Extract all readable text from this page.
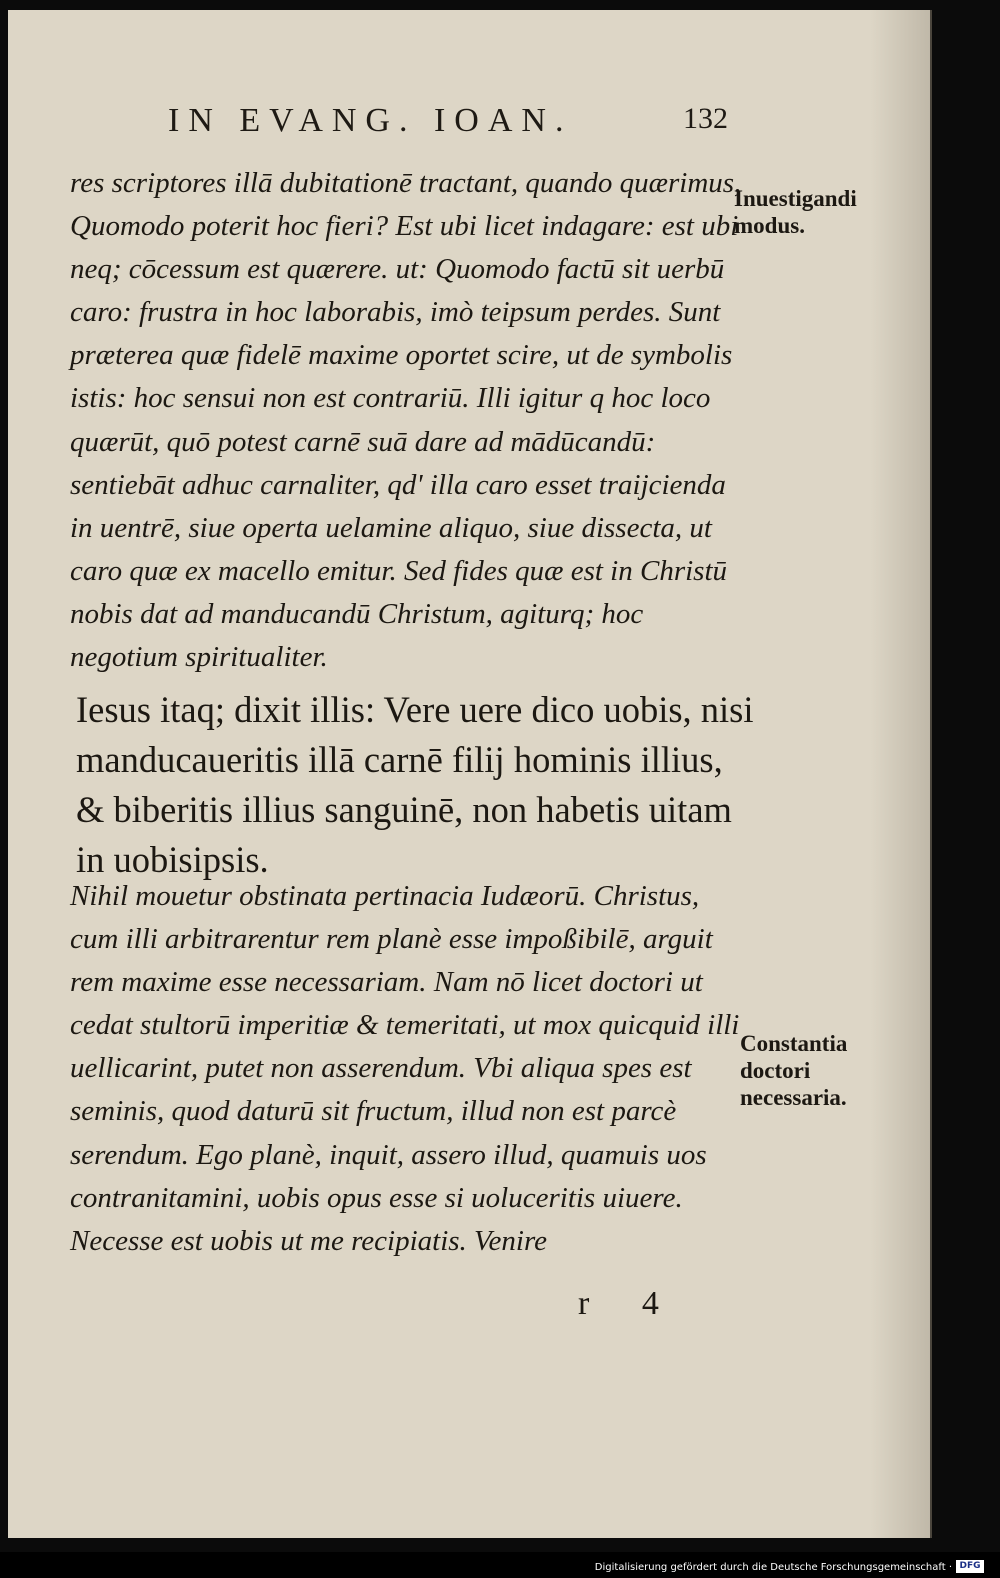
IN EVANG. IOAN.	132

res scriptores illā dubitationē tractant, quando quærimus, Quomodo poterit hoc fieri? Est ubi licet indagare: est ubi neq; cōcessum est quærere. ut: Quomodo factū sit uerbū caro: frustra in hoc laborabis, imò teipsum perdes. Sunt præterea quæ fidelē maxime oportet scire, ut de symbolis istis: hoc sensui non est contrariū. Illi igitur q hoc loco quærūt, quō potest carnē suā dare ad mādūcandū: sentiebāt adhuc carnaliter, qd' illa caro esset traijcienda in uentrē, siue operta uelamine aliquo, siue dissecta, ut caro quæ ex macello emitur. Sed fides quæ est in Christū nobis dat ad manducandū Christum, agiturq; hoc negotium spiritualiter.

Iesus itaq; dixit illis: Vere uere dico uobis, nisi manducaueritis illā carnē filij hominis illius, & biberitis illius sanguinē, non habetis uitam in uobisipsis.

Nihil mouetur obstinata pertinacia Iudæorū. Christus, cum illi arbitrarentur rem planè esse impoßibilē, arguit rem maxime esse necessariam. Nam nō licet doctori ut cedat stultorū imperitiæ & temeritati, ut mox quicquid illi uellicarint, putet non asserendum. Vbi aliqua spes est seminis, quod daturū sit fructum, illud non est parcè serendum. Ego planè, inquit, assero illud, quamuis uos contranitamini, uobis opus esse si uoluceritis uiuere. Necesse est uobis ut me recipiatis. Venire

Inuestigandi modus.

Constantia doctori necessaria.

r 4
Digitalisierung gefördert durch die Deutsche Forschungsgemeinschaft · DFG
